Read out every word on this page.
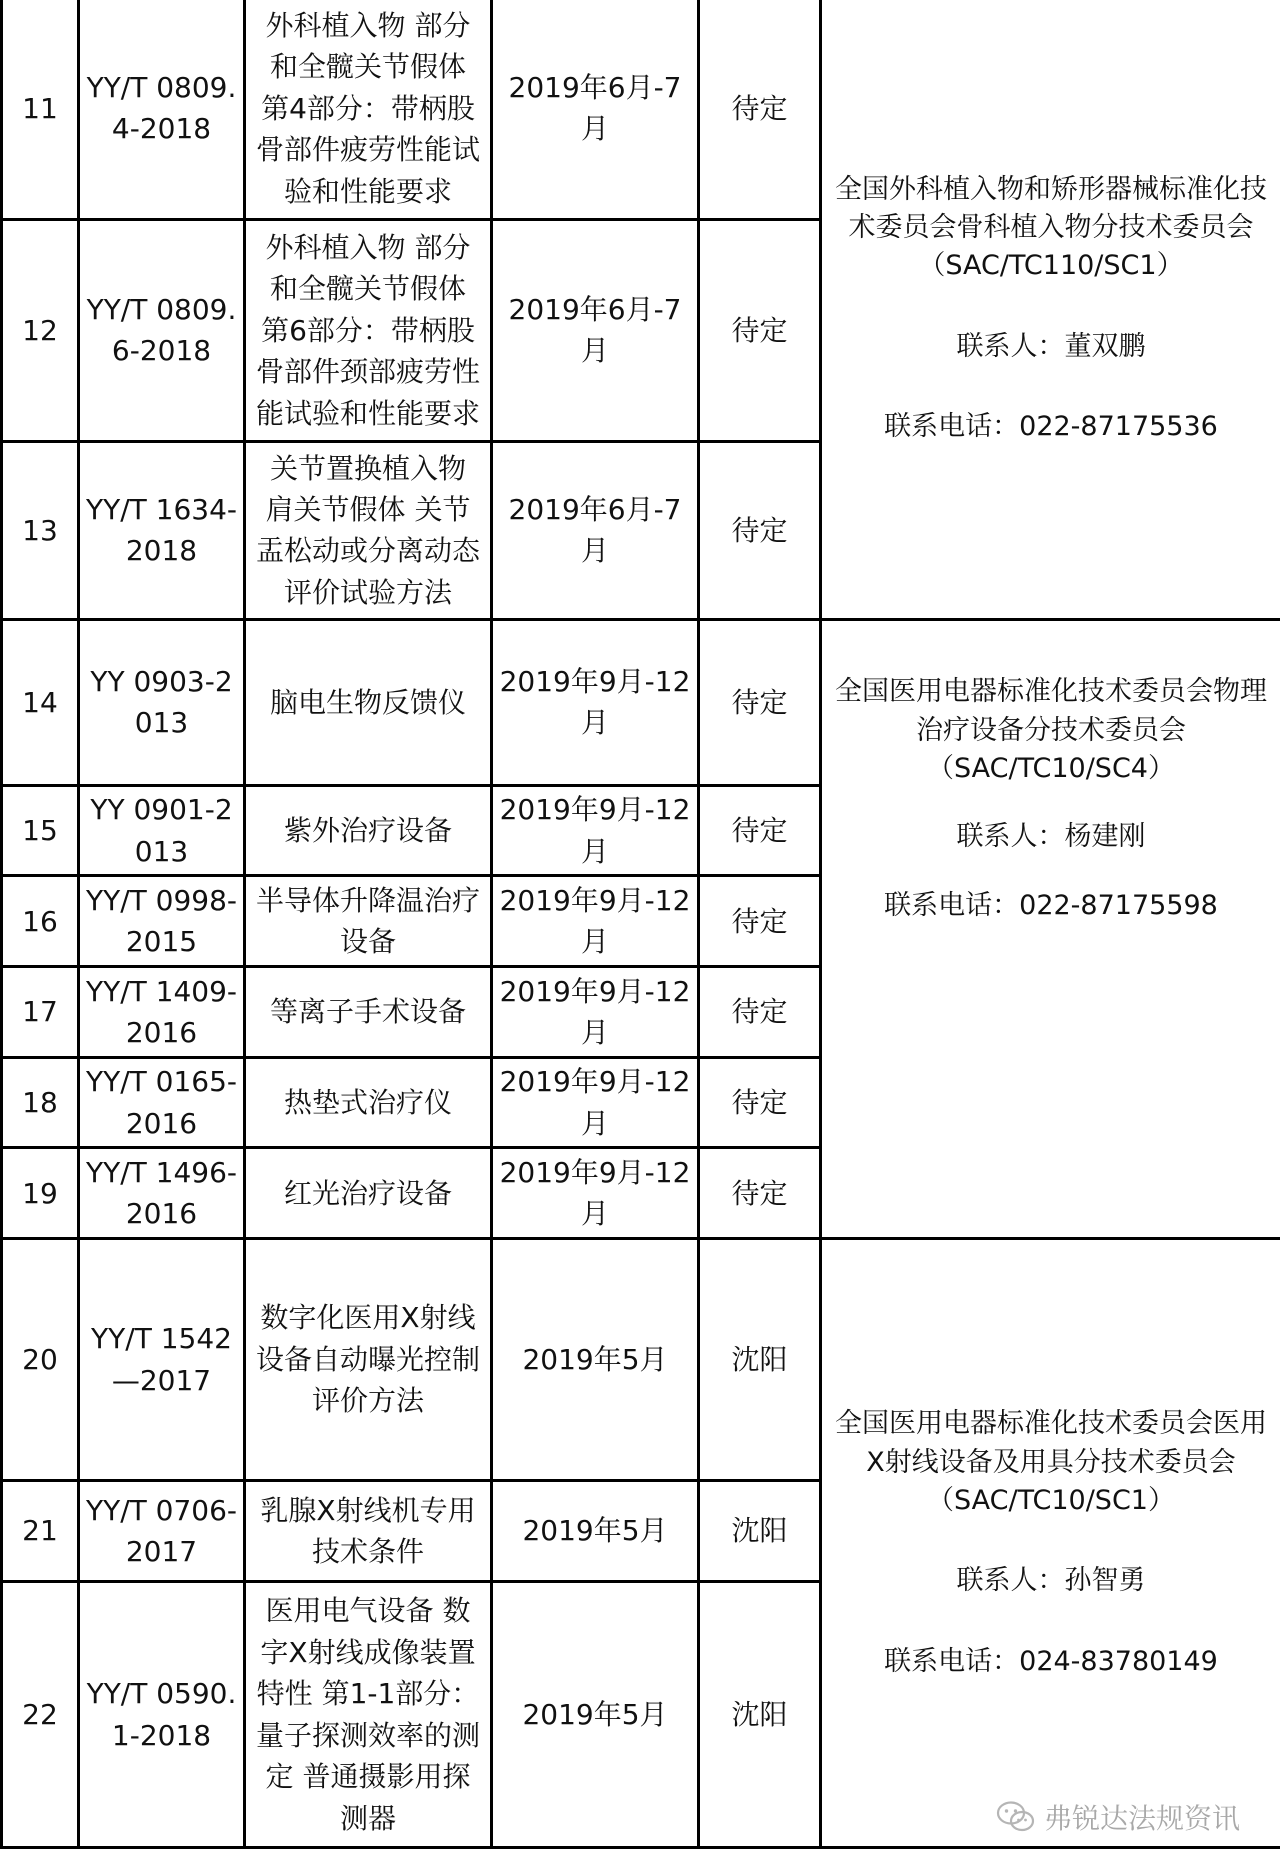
11	YY/T 0809.4-2018	外科植入物 部分和全髋关节假体 第4部分：带柄股骨部件疲劳性能试验和性能要求	2019年6月-7月	待定	全国外科植入物和矫形器械标准化技术委员会骨科植入物分技术委员会
（SAC/TC110/SC1）
联系人：董双鹏
联系电话：022-87175536

12	YY/T 0809.6-2018	外科植入物 部分和全髋关节假体 第6部分：带柄股骨部件颈部疲劳性能试验和性能要求	2019年6月-7月	待定	
13	YY/T 1634-2018	关节置换植入物 肩关节假体 关节盂松动或分离动态评价试验方法	2019年6月-7月	待定	
14	YY 0903-2013	脑电生物反馈仪	2019年9月-12月	待定	全国医用电器标准化技术委员会物理治疗设备分技术委员会
（SAC/TC10/SC4）
联系人：杨建刚
联系电话：022-87175598

15	YY 0901-2013	紫外治疗设备	2019年9月-12月	待定	
16	YY/T 0998-2015	半导体升降温治疗设备	2019年9月-12月	待定	
17	YY/T 1409-2016	等离子手术设备	2019年9月-12月	待定	
18	YY/T 0165-2016	热垫式治疗仪	2019年9月-12月	待定	
19	YY/T 1496-2016	红光治疗设备	2019年9月-12月	待定	
20	YY/T 1542—2017	数字化医用X射线设备自动曝光控制评价方法	2019年5月	沈阳	全国医用电器标准化技术委员会医用X射线设备及用具分技术委员会
（SAC/TC10/SC1）
联系人：孙智勇
联系电话：024-83780149

21	YY/T 0706-2017	乳腺X射线机专用技术条件	2019年5月	沈阳	
22	YY/T 0590.1-2018	医用电气设备 数字X射线成像装置特性 第1-1部分：量子探测效率的测定 普通摄影用探测器	2019年5月	沈阳	
弗锐达法规资讯
